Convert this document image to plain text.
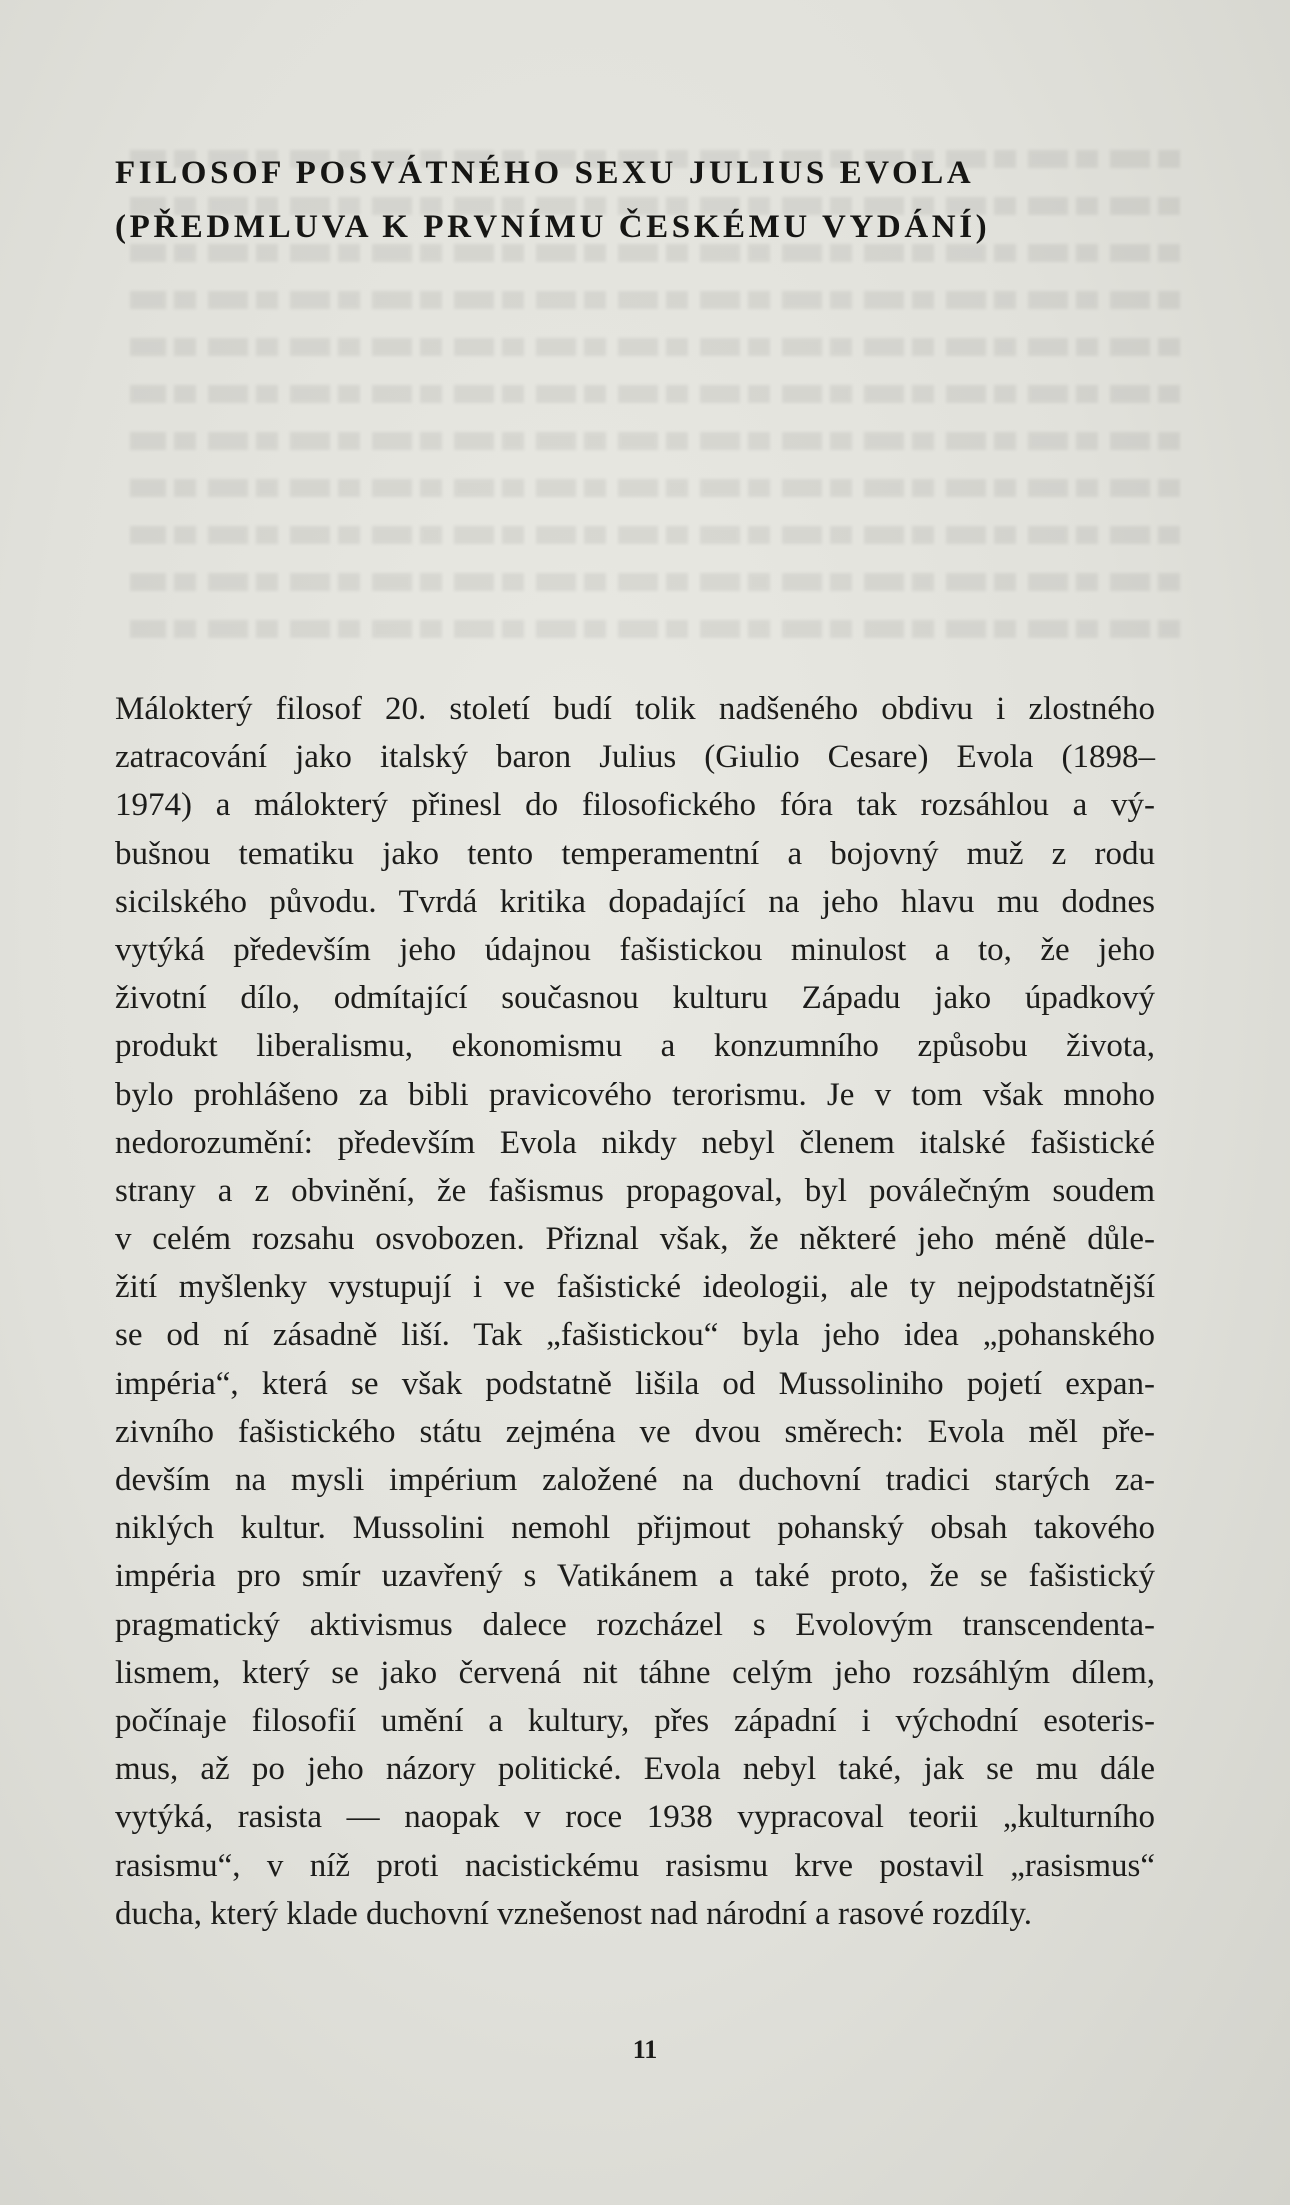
FILOSOF POSVÁTNÉHO SEXU JULIUS EVOLA
(PŘEDMLUVA K PRVNÍMU ČESKÉMU VYDÁNÍ)
Málokterý filosof 20. století budí tolik nadšeného obdivu i zlostného
zatracování jako italský baron Julius (Giulio Cesare) Evola (1898–
1974) a málokterý přinesl do filosofického fóra tak rozsáhlou a vý-
bušnou tematiku jako tento temperamentní a bojovný muž z rodu
sicilského původu. Tvrdá kritika dopadající na jeho hlavu mu dodnes
vytýká především jeho údajnou fašistickou minulost a to, že jeho
životní dílo, odmítající současnou kulturu Západu jako úpadkový
produkt liberalismu, ekonomismu a konzumního způsobu života,
bylo prohlášeno za bibli pravicového terorismu. Je v tom však mnoho
nedorozumění: především Evola nikdy nebyl členem italské fašistické
strany a z obvinění, že fašismus propagoval, byl poválečným soudem
v celém rozsahu osvobozen. Přiznal však, že některé jeho méně důle-
žití myšlenky vystupují i ve fašistické ideologii, ale ty nejpodstatnější
se od ní zásadně liší. Tak „fašistickou“ byla jeho idea „pohanského
impéria“, která se však podstatně lišila od Mussoliniho pojetí expan-
zivního fašistického státu zejména ve dvou směrech: Evola měl pře-
devším na mysli impérium založené na duchovní tradici starých za-
niklých kultur. Mussolini nemohl přijmout pohanský obsah takového
impéria pro smír uzavřený s Vatikánem a také proto, že se fašistický
pragmatický aktivismus dalece rozcházel s Evolovým transcendenta-
lismem, který se jako červená nit táhne celým jeho rozsáhlým dílem,
počínaje filosofií umění a kultury, přes západní i východní esoteris-
mus, až po jeho názory politické. Evola nebyl také, jak se mu dále
vytýká, rasista — naopak v roce 1938 vypracoval teorii „kulturního
rasismu“, v níž proti nacistickému rasismu krve postavil „rasismus“
ducha, který klade duchovní vznešenost nad národní a rasové rozdíly.
11
